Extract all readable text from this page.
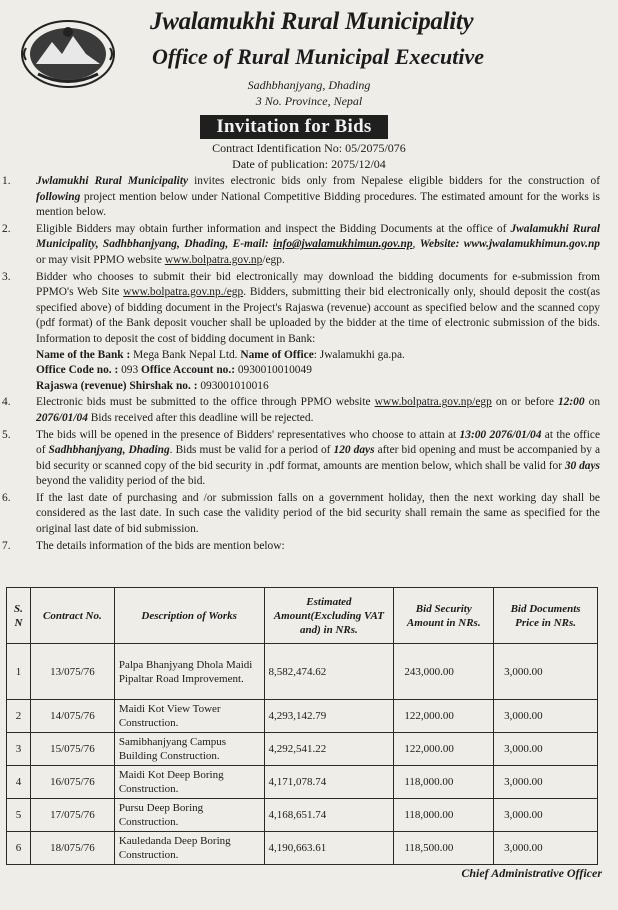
Jwalamukhi Rural Municipality
Office of Rural Municipal Executive
Sadhbhanjyang, Dhading
3 No. Province, Nepal
Invitation for Bids
Contract Identification No: 05/2075/076
Date of publication: 2075/12/04
1. Jwlamukhi Rural Municipality invites electronic bids only from Nepalese eligible bidders for the construction of following project mention below under National Competitive Bidding procedures. The estimated amount for the works is mention below.
2. Eligible Bidders may obtain further information and inspect the Bidding Documents at the office of Jwalamukhi Rural Municipality, Sadhbhanjyang, Dhading, E-mail: info@jwalamukhimun.gov.np, Website: www.jwalamukhimun.gov.np or may visit PPMO website www.bolpatra.gov.np/egp.
3. Bidder who chooses to submit their bid electronically may download the bidding documents for e-submission from PPMO's Web Site www.bolpatra.gov.np./egp. Bidders, submitting their bid electronically only, should deposit the cost(as specified above) of bidding document in the Project's Rajaswa (revenue) account as specified below and the scanned copy (pdf format) of the Bank deposit voucher shall be uploaded by the bidder at the time of electronic submission of the bids. Information to deposit the cost of bidding document in Bank:
Name of the Bank : Mega Bank Nepal Ltd. Name of Office: Jwalamukhi ga.pa.
Office Code no. : 093 Office Account no.: 0930010010049
Rajaswa (revenue) Shirshak no. : 093001010016
4. Electronic bids must be submitted to the office through PPMO website www.bolpatra.gov.np/egp on or before 12:00 on 2076/01/04 Bids received after this deadline will be rejected.
5. The bids will be opened in the presence of Bidders' representatives who choose to attain at 13:00 2076/01/04 at the office of Sadhbhanjyang, Dhading. Bids must be valid for a period of 120 days after bid opening and must be accompanied by a bid security or scanned copy of the bid security in .pdf format, amounts are mention below, which shall be valid for 30 days beyond the validity period of the bid.
6. If the last date of purchasing and /or submission falls on a government holiday, then the next working day shall be considered as the last date. In such case the validity period of the bid security shall remain the same as specified for the original last date of bid submission.
7. The details information of the bids are mention below:
S. N	Contract No.	Description of Works	Estimated Amount(Excluding VAT and) in NRs.	Bid Security Amount in NRs.	Bid Documents Price in NRs.
1	13/075/76	Palpa Bhanjyang Dhola Maidi Pipaltar Road Improvement.	8,582,474.62	243,000.00	3,000.00
2	14/075/76	Maidi Kot View Tower Construction.	4,293,142.79	122,000.00	3,000.00
3	15/075/76	Samibhanjyang Campus Building Construction.	4,292,541.22	122,000.00	3,000.00
4	16/075/76	Maidi Kot Deep Boring Construction.	4,171,078.74	118,000.00	3,000.00
5	17/075/76	Pursu Deep Boring Construction.	4,168,651.74	118,000.00	3,000.00
6	18/075/76	Kauledanda Deep Boring Construction.	4,190,663.61	118,500.00	3,000.00
Chief Administrative Officer
